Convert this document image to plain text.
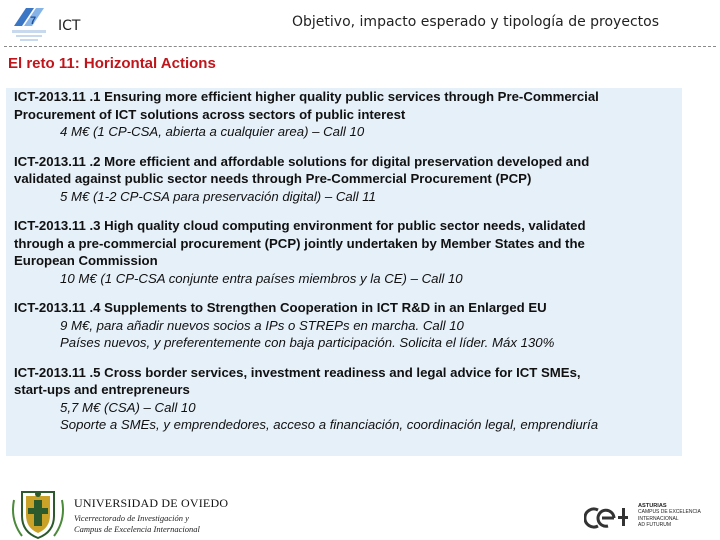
7 ICT	Objetivo, impacto esperado y tipología de proyectos
El reto 11: Horizontal Actions
ICT-2013.11 .1 Ensuring more efficient higher quality public services through Pre-Commercial
Procurement of ICT solutions across sectors of public interest
4 M€ (1 CP-CSA, abierta a cualquier area) – Call 10
ICT-2013.11 .2 More efficient and affordable solutions for digital preservation developed and
validated against public sector needs through Pre-Commercial Procurement (PCP)
5 M€ (1-2 CP-CSA para preservación digital) – Call 11
ICT-2013.11 .3 High quality cloud computing environment for public sector needs, validated
through a pre-commercial procurement (PCP) jointly undertaken by Member States and the
European Commission
10 M€ (1 CP-CSA conjunte entra países miembros y la CE) – Call 10
ICT-2013.11 .4 Supplements to Strengthen Cooperation in ICT R&D in an Enlarged EU
9 M€, para añadir nuevos socios a IPs o STREPs en marcha. Call 10
Países nuevos, y preferentemente con baja participación. Solicita el líder. Máx 130%
ICT-2013.11 .5 Cross border services, investment readiness and legal advice for ICT SMEs,
start-ups and entrepreneurs
5,7 M€ (CSA) – Call 10
Soporte a SMEs, y emprendedores, acceso a financiación, coordinación legal, emprendiuría
UNIVERSIDAD DE OVIEDO
Vicerrectorado de Investigación y
Campus de Excelencia Internacional
ASTURIAS
CAMPUS DE EXCELENCIA
INTERNACIONAL
AD FUTURUM
